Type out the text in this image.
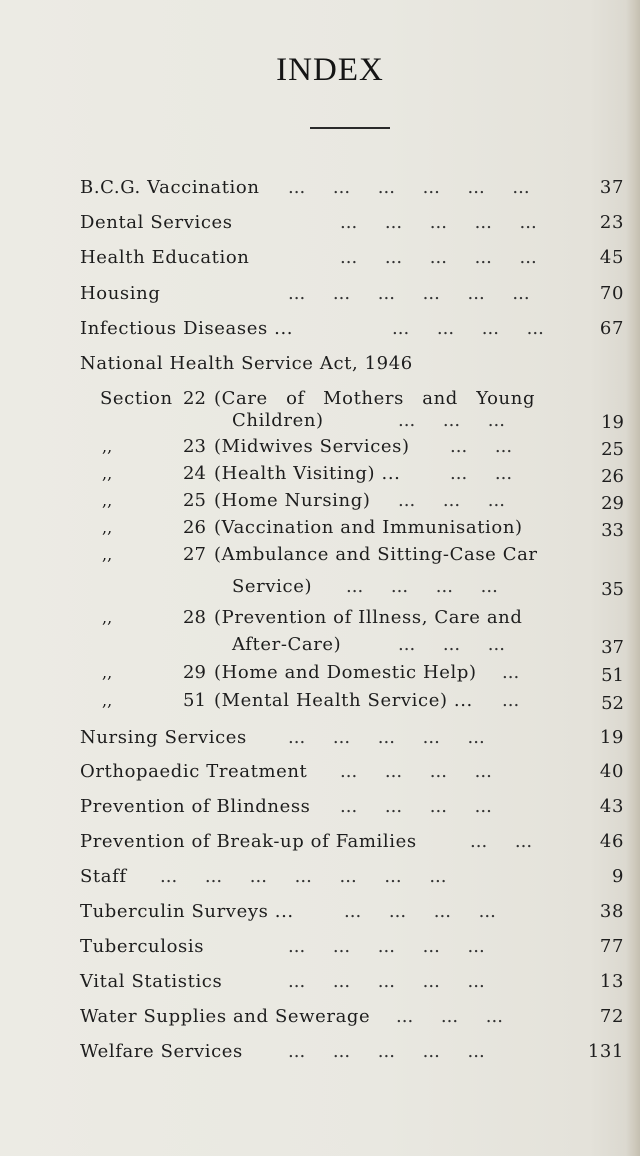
INDEX
B.C.G. Vaccination ... ... ... ... ... ...	37
Dental Services	... ... ... ... ...	23
Health Education	... ... ... ... ...	45
Housing	... ... ... ... ... ...	70
Infectious Diseases ...	... ... ... ...	67
National Health Service Act, 1946
Section 22 (Care of Mothers and Young
Children)	... ... ...	19
,,	23 (Midwives Services) ... ...	25
,,	24 (Health Visiting) ...	... ...	26
,,	25 (Home Nursing) ... ... ...	29
,,	26 (Vaccination and Immunisation)	33
,,	27 (Ambulance and Sitting-Case Car
Service) ... ... ... ...	35
,,	28 (Prevention of Illness, Care and
After-Care)	... ... ...	37
,,	29 (Home and Domestic Help) ...	51
,,	51 (Mental Health Service) ... ...	52
Nursing Services ... ... ... ... ...	19
Orthopaedic Treatment ... ... ... ...	40
Prevention of Blindness ... ... ... ...	43
Prevention of Break-up of Families	... ...	46
Staff ... ... ... ... ... ... ...	9
Tuberculin Surveys ...	... ... ... ...	38
Tuberculosis	... ... ... ... ...	77
Vital Statistics	... ... ... ... ...	13
Water Supplies and Sewerage ... ... ...	72
Welfare Services	... ... ... ... ...	131
